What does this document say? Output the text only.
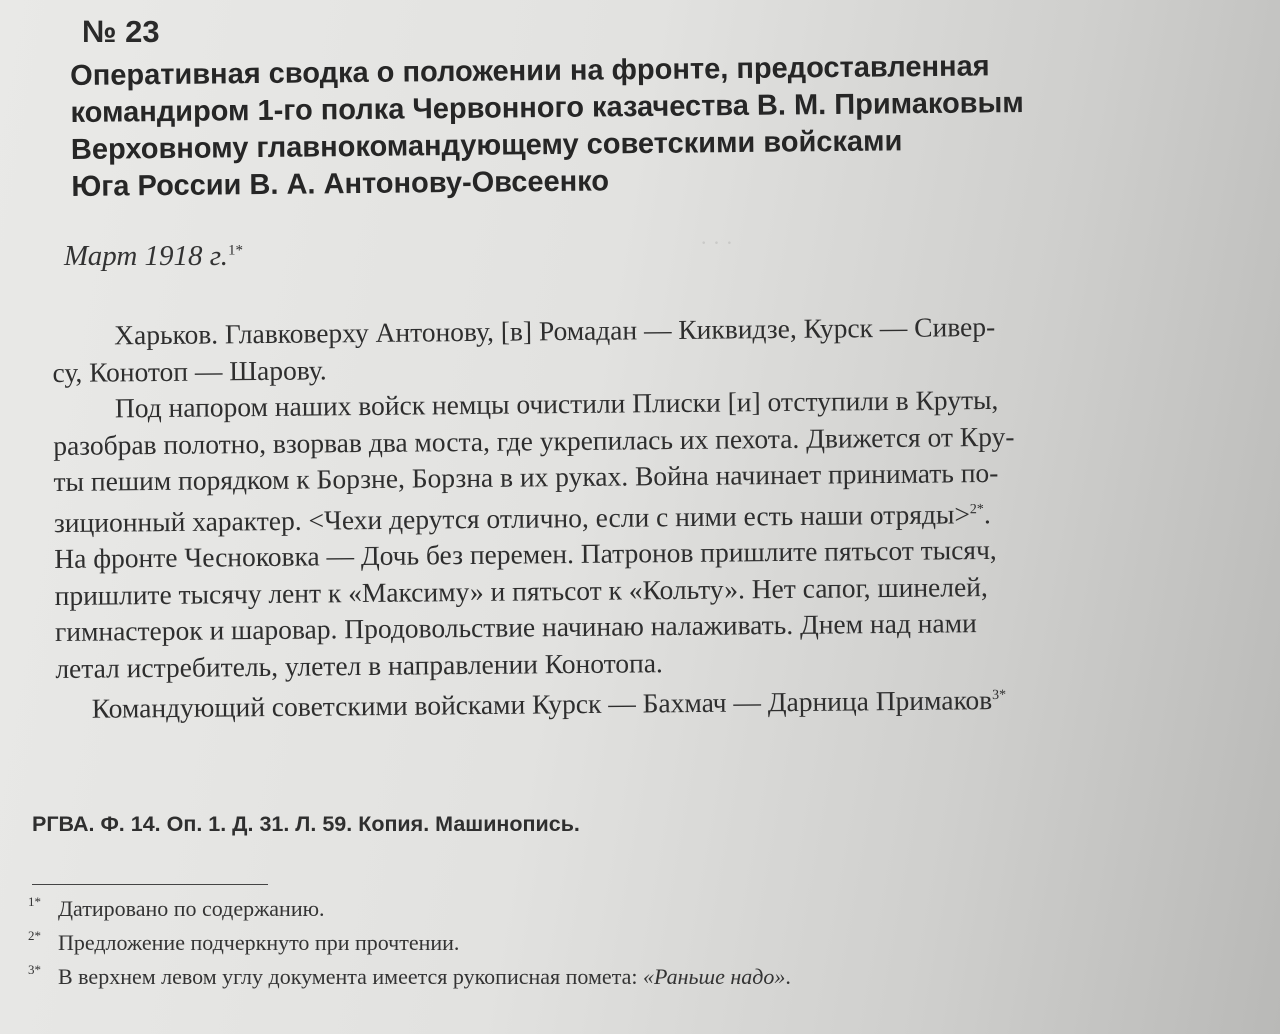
· · ·
№ 23
Оперативная сводка о положении на фронте, предоставленная
командиром 1-го полка Червонного казачества В. М. Примаковым
Верховному главнокомандующему советскими войсками
Юга России В. А. Антонову-Овсеенко
Март 1918 г.$^{1*}$
Харьков. Главковерху Антонову, [в] Ромадан — Киквидзе, Курск — Сивер-
су, Конотоп — Шарову.
Под напором наших войск немцы очистили Плиски [и] отступили в Круты,
разобрав полотно, взорвав два моста, где укрепилась их пехота. Движется от Кру-
ты пешим порядком к Борзне, Борзна в их руках. Война начинает принимать по-
зиционный характер. <Чехи дерутся отлично, если с ними есть наши отряды>$^{2*}$.
На фронте Чесноковка — Дочь без перемен. Патронов пришлите пятьсот тысяч,
пришлите тысячу лент к «Максиму» и пятьсот к «Кольту». Нет сапог, шинелей,
гимнастерок и шаровар. Продовольствие начинаю налаживать. Днем над нами
летал истребитель, улетел в направлении Конотопа.
Командующий советскими войсками Курск — Бахмач — Дарница Примаков$^{3*}$
РГВА. Ф. 14. Оп. 1. Д. 31. Л. 59. Копия. Машинопись.
1* Датировано по содержанию.
2* Предложение подчеркнуто при прочтении.
3* В верхнем левом углу документа имеется рукописная помета: «Раньше надо».
